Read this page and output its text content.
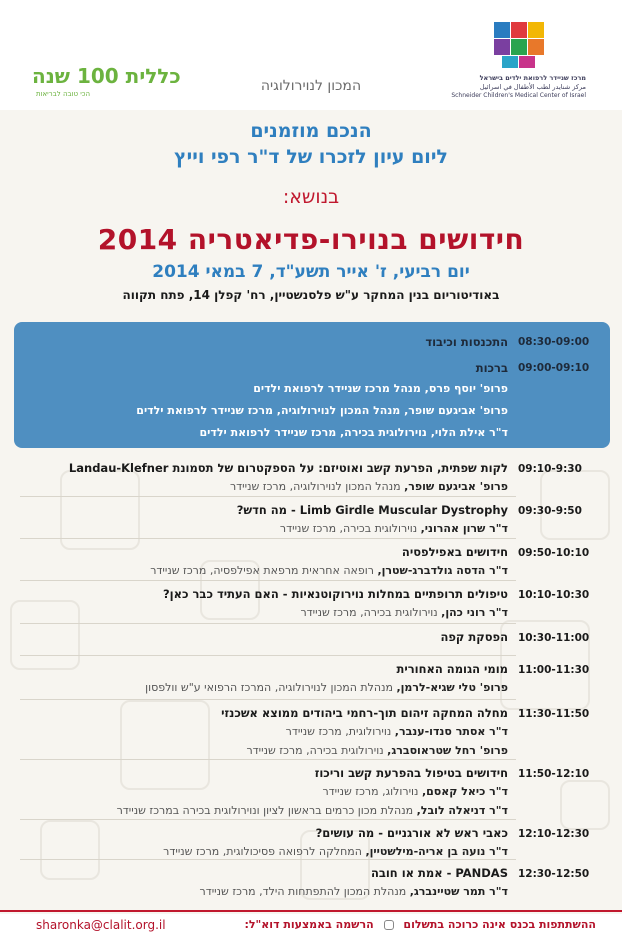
כללית 100 שנה
הכי טובה לבריאות	המכון לנוירולוגיה	מרכז שניידר לרפואת ילדים בישראל
مركز شنايدر لطب الأطفال في اسرائيل
Schneider Children's Medical Center of Israel
הנכם מוזמנים
ליום עיון לזכרו של ד"ר רפי וייץ
בנושא:
חידושים בנוירו-פדיאטריה 2014
יום רביעי, ז' אייר תשע"ד, 7 במאי 2014
באודיטוריום בנין המחקר ע"ש פלסנשטיין, רח' קפלן 14, פתח תקווה
08:30-09:00
התכנסות וכיבוד
09:00-09:10
ברכות
פרופ' יוסף פרס, מנהל מרכז שניידר לרפואת ילדים
פרופ' אביגעם שופר, מנהל המכון לנוירולוגיה, מרכז שניידר לרפואת ילדים
ד"ר אילת הלוי, נוירולוגית בכירה, מרכז שניידר לרפואת ילדים
09:10-9:30
לקות שפתית, הפרעת קשב ואוטיזם: על הספקטרום של תסמונת Landau-Klefner
פרופ' אביגעם שופר, מנהל המכון לנוירולוגיה, מרכז שניידר
09:30-9:50
Limb Girdle Muscular Dystrophy - מה חדש?
ד"ר שרון אהרוני, נוירולוגית בכירה, מרכז שניידר
09:50-10:10
חידושים באפילפסיה
ד"ר הדסה גולדברג-שטרן, רופאה אחראית מרפאת אפילפסיה, מרכז שניידר
10:10-10:30
טיפולים תרופתיים במחלות נוירוקוטנאיות - האם העתיד כבר כאן?
ד"ר רוני כהן, נוירולוגית בכירה, מרכז שניידר
10:30-11:00
הפסקת קפה
11:00-11:30
מומי הגומה האחורית
פרופ' טלי שגיא-לרמן, מנהלת המכון לנוירולוגיה, המרכז הרפואי ע"ש וולפסון
11:30-11:50
מחלה המחקה זיהום תוך-רחמי ביהודים ממוצא אשכנזי
ד"ר אסתר סנדו-ענבר, נוירולוגית, מרכז שניידר
פרופ' רחל שטראוסברג, נוירולוגית בכירה, מרכז שניידר
11:50-12:10
חידושים בטיפול בהפרעת קשב וריכוז
ד"ר כיאל קאסם, נוירולוג, מרכז שניידר
ד"ר דניאלה לובל, מנהלת מכון כרמים בראשון לציון ונוירולוגית בכירה במרכז שניידר
12:10-12:30
כאבי ראש לא אורגניים - מה עושים?
ד"ר נועה בן אריה-מילשטיין, המחלקה לרפואה פסיכולוגית, מרכז שניידר
12:30-12:50
PANDAS - אמת או חובה
ד"ר תמר שטיינברג, מנהלת המכון להתפתחות הילד, מרכז שניידר
ההשתתפות בכנס אינה כרוכה בתשלום  הרשמה באמצעות דוא"ל:
sharonka@clalit.org.il
